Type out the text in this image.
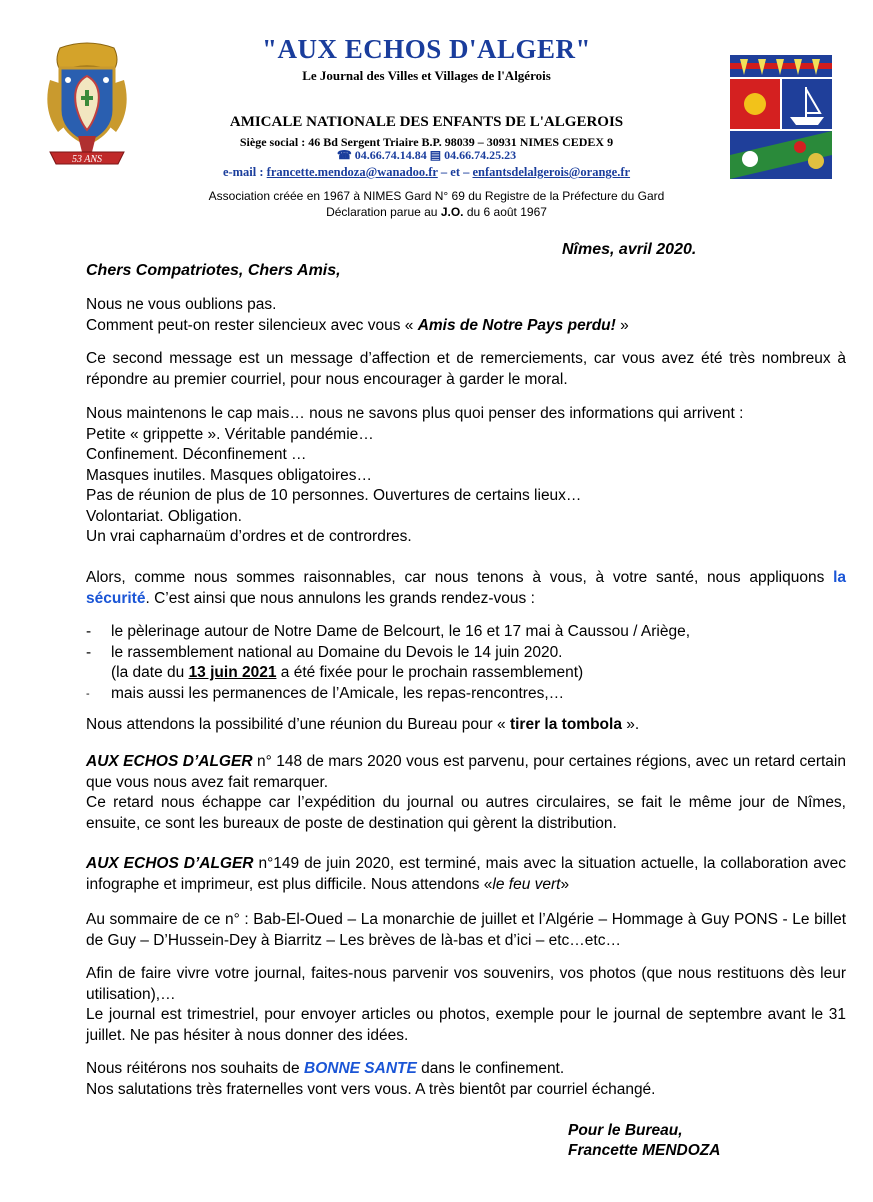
53 ANS
"AUX ECHOS D'ALGER"
Le Journal des Villes et Villages de l'Algérois
AMICALE NATIONALE DES ENFANTS DE L'ALGEROIS
Siège social : 46 Bd Sergent Triaire B.P. 98039 – 30931 NIMES CEDEX 9
☎ 04.66.74.14.84 ▤ 04.66.74.25.23
e-mail : francette.mendoza@wanadoo.fr – et – enfantsdelalgerois@orange.fr
Association créée en 1967 à NIMES Gard N° 69 du Registre de la Préfecture du Gard
Déclaration parue au J.O. du 6 août 1967
Nîmes, avril 2020.
Chers Compatriotes, Chers Amis,

Nous ne vous oublions pas.

Comment peut-on rester silencieux avec vous « Amis de Notre Pays perdu! »

Ce second message est un message d’affection et de remerciements, car vous avez été très nombreux à répondre au premier courriel, pour nous encourager à garder le moral.

Nous maintenons le cap mais… nous ne savons plus quoi penser des informations qui arrivent :

Petite « grippette ». Véritable pandémie…

Confinement. Déconfinement …

Masques inutiles. Masques obligatoires…

Pas de réunion de plus de 10 personnes. Ouvertures de certains lieux…

Volontariat. Obligation.

Un vrai capharnaüm d’ordres et de contrordres.

Alors, comme nous sommes raisonnables, car nous tenons à vous, à votre santé, nous appliquons la sécurité. C’est ainsi que nous annulons les grands rendez-vous :
- le pèlerinage autour de Notre Dame de Belcourt, le 16 et 17 mai à Caussou / Ariège,
- le rassemblement national au Domaine du Devois le 14 juin 2020.
(la date du 13 juin 2021 a été fixée pour le prochain rassemblement)
- mais aussi les permanences de l’Amicale, les repas-rencontres,…
Nous attendons la possibilité d’une réunion du Bureau pour « tirer la tombola ».
AUX ECHOS D’ALGER n° 148 de mars 2020 vous est parvenu, pour certaines régions, avec un retard certain que vous nous avez fait remarquer.

Ce retard nous échappe car l’expédition du journal ou autres circulaires, se fait le même jour de Nîmes, ensuite, ce sont les bureaux de poste de destination qui gèrent la distribution.

AUX ECHOS D’ALGER n°149 de juin 2020, est terminé, mais avec la situation actuelle, la collaboration avec infographe et imprimeur, est plus difficile. Nous attendons «le feu vert»
Au sommaire de ce n° : Bab-El-Oued – La monarchie de juillet et l’Algérie – Hommage à Guy PONS - Le billet de Guy – D’Hussein-Dey à Biarritz – Les brèves de là-bas et d’ici – etc…etc…

Afin de faire vivre votre journal, faites-nous parvenir vos souvenirs, vos photos (que nous restituons dès leur utilisation),…

Le journal est trimestriel, pour envoyer articles ou photos, exemple pour le journal de septembre avant le 31 juillet. Ne pas hésiter à nous donner des idées.

Nous réitérons nos souhaits de BONNE SANTE dans le confinement.

Nos salutations très fraternelles vont vers vous. A très bientôt par courriel échangé.

Pour le Bureau,
Francette MENDOZA
